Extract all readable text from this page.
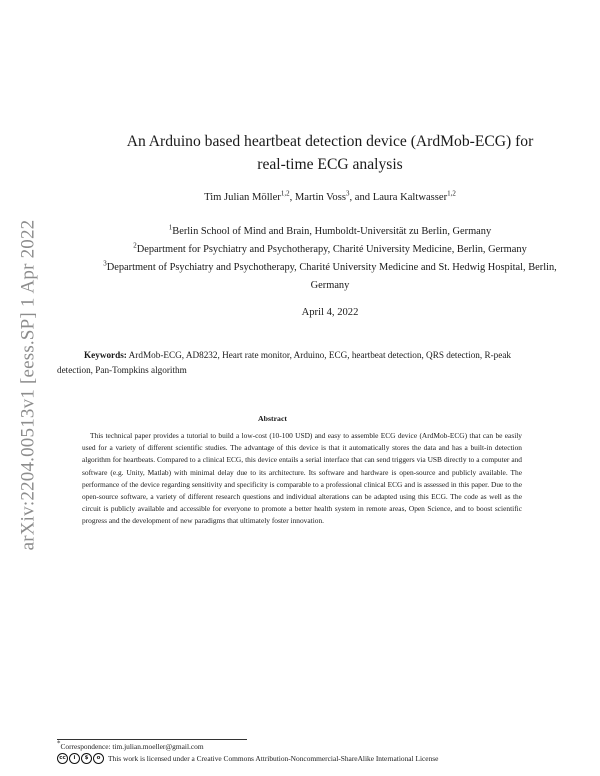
arXiv:2204.00513v1 [eess.SP] 1 Apr 2022
An Arduino based heartbeat detection device (ArdMob-ECG) for
real-time ECG analysis
Tim Julian Möller$^{1,2}$, Martin Voss$^3$, and Laura Kaltwasser$^{1,2}$
$^1$Berlin School of Mind and Brain, Humboldt-Universität zu Berlin, Germany
$^2$Department for Psychiatry and Psychotherapy, Charité University Medicine, Berlin, Germany
$^3$Department of Psychiatry and Psychotherapy, Charité University Medicine and St. Hedwig Hospital, Berlin, Germany
April 4, 2022
Keywords: ArdMob-ECG, AD8232, Heart rate monitor, Arduino, ECG, heartbeat detection, QRS detection, R-peak detection, Pan-Tompkins algorithm
Abstract
This technical paper provides a tutorial to build a low-cost (10-100 USD) and easy to assemble ECG device (ArdMob-ECG) that can be easily used for a variety of different scientific studies. The advantage of this device is that it automatically stores the data and has a built-in detection algorithm for heartbeats. Compared to a clinical ECG, this device entails a serial interface that can send triggers via USB directly to a computer and software (e.g. Unity, Matlab) with minimal delay due to its architecture. Its software and hardware is open-source and publicly available. The performance of the device regarding sensitivity and specificity is comparable to a professional clinical ECG and is assessed in this paper. Due to the open-source software, a variety of different research questions and individual alterations can be adapted using this ECG. The code as well as the circuit is publicly available and accessible for everyone to promote a better health system in remote areas, Open Science, and to boost scientific progress and the development of new paradigms that ultimately foster innovation.
*Correspondence: tim.julian.moeller@gmail.com
cc	i	$	o	This work is licensed under a Creative Commons Attribution-Noncommercial-ShareAlike International License
